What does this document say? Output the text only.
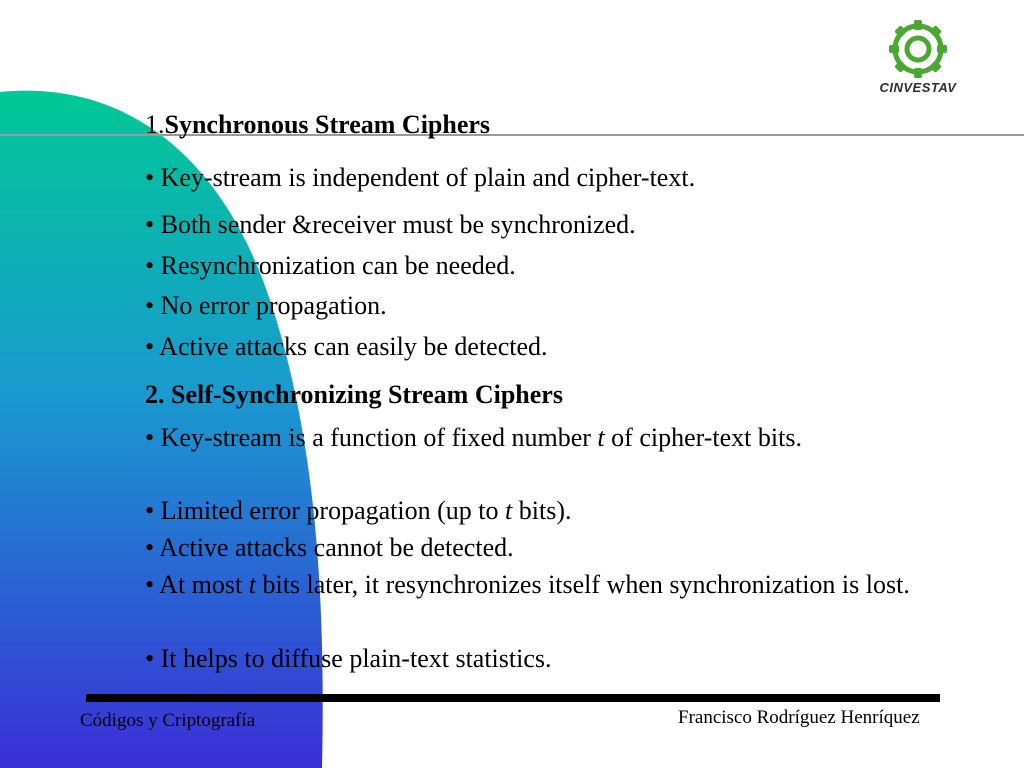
CINVESTAV
1.Synchronous Stream Ciphers
• Key-stream is independent of plain and cipher-text.
• Both sender &receiver must be synchronized.
• Resynchronization can be needed.
• No error propagation.
• Active attacks can easily be detected.
2. Self-Synchronizing Stream Ciphers
• Key-stream is a function of fixed number t of cipher-text bits.
• Limited error propagation (up to t bits).
• Active attacks cannot be detected.
• At most t bits later, it resynchronizes itself when synchronization is lost.
• It helps to diffuse plain-text statistics.
Códigos y Criptografía	Francisco Rodríguez Henríquez
